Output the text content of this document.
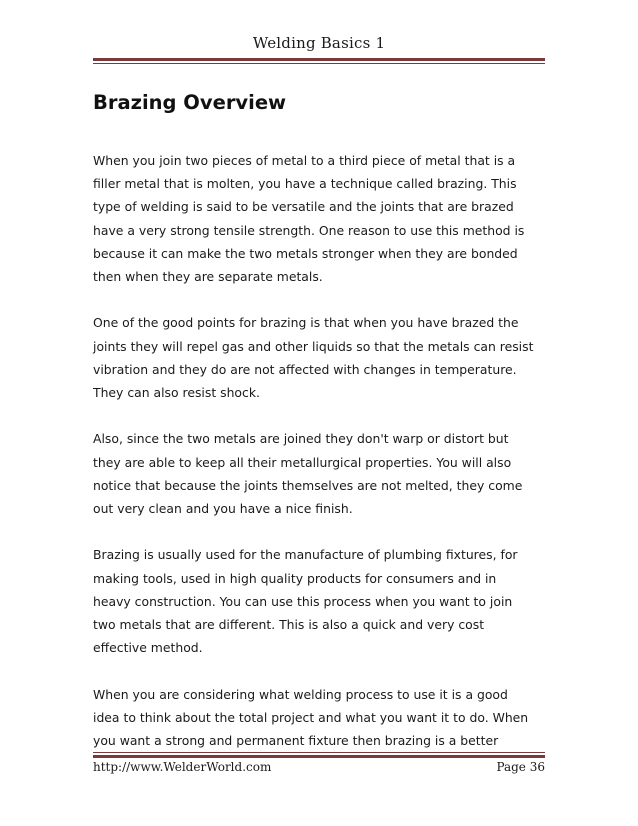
Welding Basics 1
Brazing Overview

When you join two pieces of metal to a third piece of metal that is a
filler metal that is molten, you have a technique called brazing. This
type of welding is said to be versatile and the joints that are brazed
have a very strong tensile strength. One reason to use this method is
because it can make the two metals stronger when they are bonded
then when they are separate metals.

One of the good points for brazing is that when you have brazed the
joints they will repel gas and other liquids so that the metals can resist
vibration and they do are not affected with changes in temperature.
They can also resist shock.

Also, since the two metals are joined they don't warp or distort but
they are able to keep all their metallurgical properties. You will also
notice that because the joints themselves are not melted, they come
out very clean and you have a nice finish.

Brazing is usually used for the manufacture of plumbing fixtures, for
making tools, used in high quality products for consumers and in
heavy construction. You can use this process when you want to join
two metals that are different. This is also a quick and very cost
effective method.

When you are considering what welding process to use it is a good
idea to think about the total project and what you want it to do. When
you want a strong and permanent fixture then brazing is a better

http://www.WelderWorld.com	Page 36
